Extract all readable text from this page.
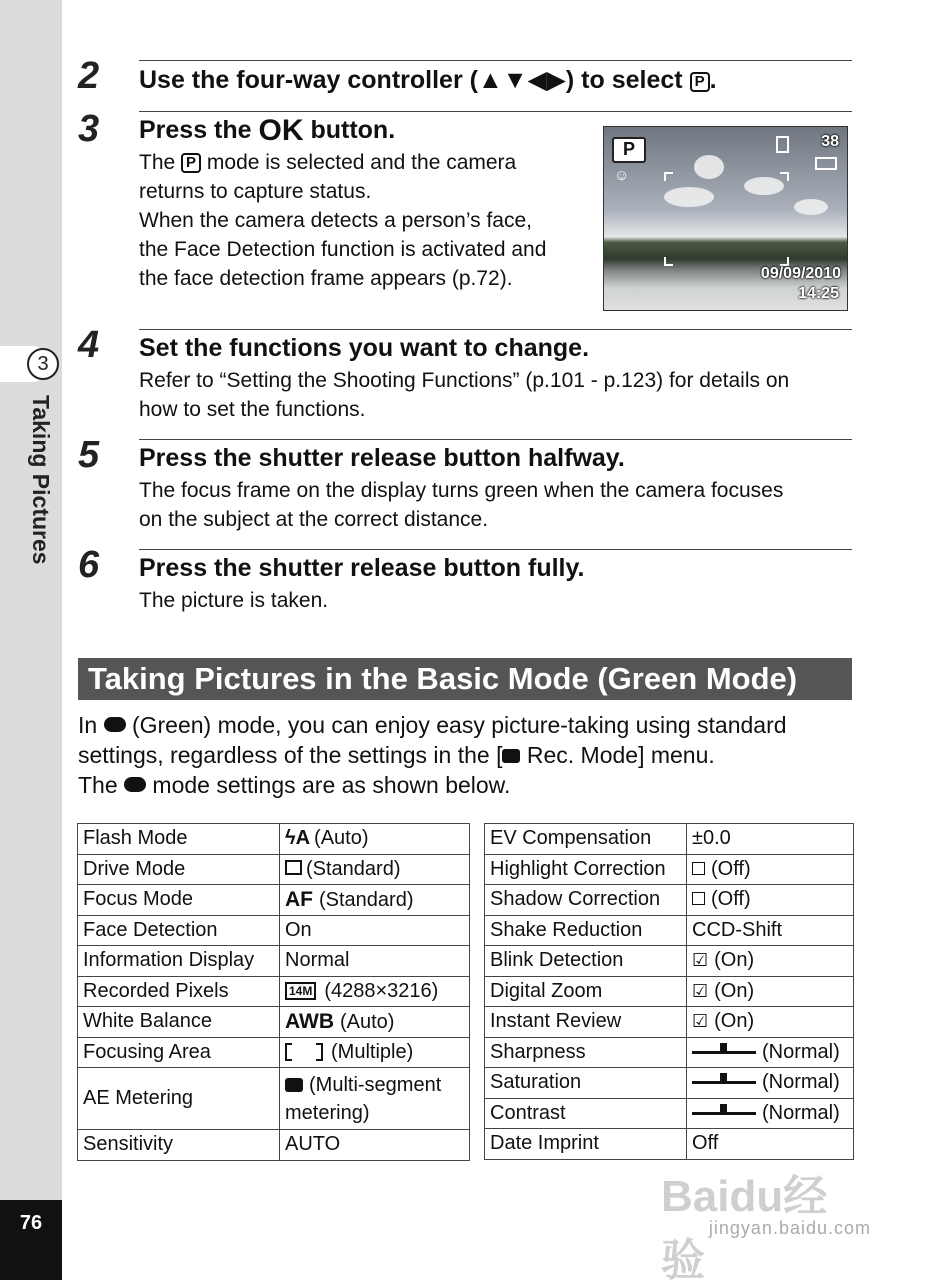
3
76
2 Use the four-way controller (▲▼◀▶) to select P .
3 Press the OK button.
The P mode is selected and the camera
returns to capture status.
When the camera detects a person’s face,
the Face Detection function is activated and
the face detection frame appears (p.72).
P	38
☺
09/09/2010
14:25
4 Set the functions you want to change.
Refer to “Setting the Shooting Functions” (p.101 - p.123) for details on
how to set the functions.
5 Press the shutter release button halfway.
The focus frame on the display turns green when the camera focuses
on the subject at the correct distance.
6 Press the shutter release button fully.
The picture is taken.
Taking Pictures in the Basic Mode (Green Mode)
In (Green) mode, you can enjoy easy picture-taking using standard
settings, regardless of the settings in the [ Rec. Mode] menu.
The mode settings are as shown below.
Flash Mode	ϟA (Auto)
Drive Mode	(Standard)
Focus Mode	AF (Standard)
Face Detection	On
Information Display	Normal
Recorded Pixels	14M (4288×3216)
White Balance	AWB (Auto)
Focusing Area	(Multiple)
AE Metering	(Multi-segment
metering)
Sensitivity	AUTO
EV Compensation	±0.0
Highlight Correction	(Off)
Shadow Correction	(Off)
Shake Reduction	CCD-Shift
Blink Detection	☑ (On)
Digital Zoom	☑ (On)
Instant Review	☑ (On)
Sharpness	(Normal)
Saturation	(Normal)
Contrast	(Normal)
Date Imprint	Off
Baidu经验
jingyan.baidu.com
